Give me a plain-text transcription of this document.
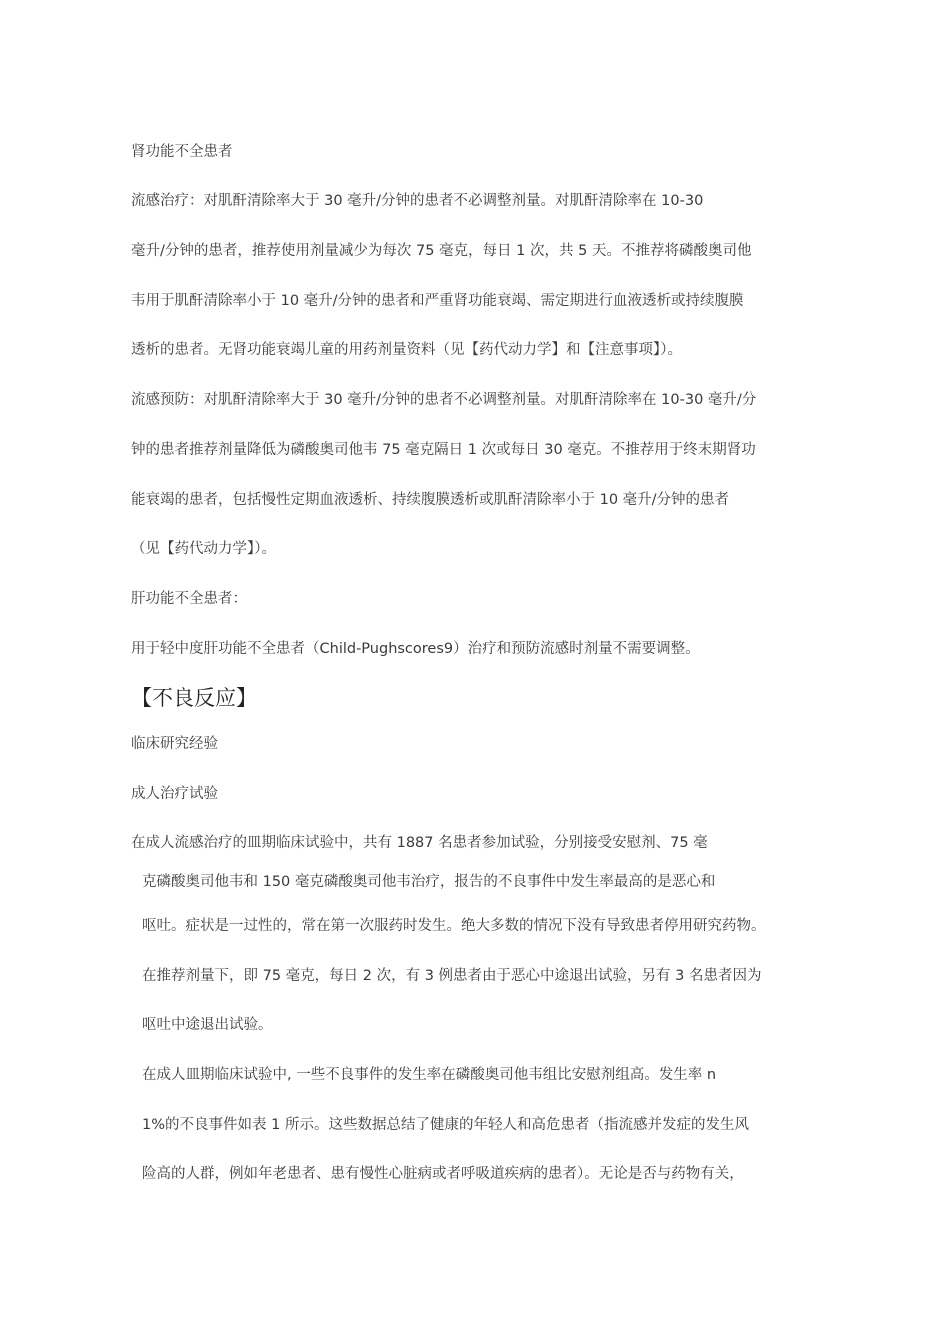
肾功能不全患者
流感治疗：对肌酐清除率大于 30 毫升/分钟的患者不必调整剂量。对肌酐清除率在 10-30
毫升/分钟的患者，推荐使用剂量减少为每次 75 毫克，每日 1 次，共 5 天。不推荐将磷酸奥司他
韦用于肌酐清除率小于 10 毫升/分钟的患者和严重肾功能衰竭、需定期进行血液透析或持续腹膜
透析的患者。无肾功能衰竭儿童的用药剂量资料（见【药代动力学】和【注意事项】）。
流感预防：对肌酐清除率大于 30 毫升/分钟的患者不必调整剂量。对肌酐清除率在 10-30 毫升/分
钟的患者推荐剂量降低为磷酸奥司他韦 75 毫克隔日 1 次或每日 30 毫克。不推荐用于终末期肾功
能衰竭的患者，包括慢性定期血液透析、持续腹膜透析或肌酐清除率小于 10 毫升/分钟的患者
（见【药代动力学】）。
肝功能不全患者：
用于轻中度肝功能不全患者（Child-Pughscores9）治疗和预防流感时剂量不需要调整。
【不良反应】
临床研究经验
成人治疗试验
在成人流感治疗的皿期临床试验中，共有 1887 名患者参加试验，分别接受安慰剂、75 毫
克磷酸奥司他韦和 150 毫克磷酸奥司他韦治疗，报告的不良事件中发生率最高的是恶心和
呕吐。症状是一过性的，常在第一次服药时发生。绝大多数的情况下没有导致患者停用研究药物。
在推荐剂量下，即 75 毫克，每日 2 次，有 3 例患者由于恶心中途退出试验，另有 3 名患者因为
呕吐中途退出试验。
在成人皿期临床试验中, 一些不良事件的发生率在磷酸奥司他韦组比安慰剂组高。发生率 n
1%的不良事件如表 1 所示。这些数据总结了健康的年轻人和高危患者（指流感并发症的发生风
险高的人群，例如年老患者、患有慢性心脏病或者呼吸道疾病的患者）。无论是否与药物有关，
